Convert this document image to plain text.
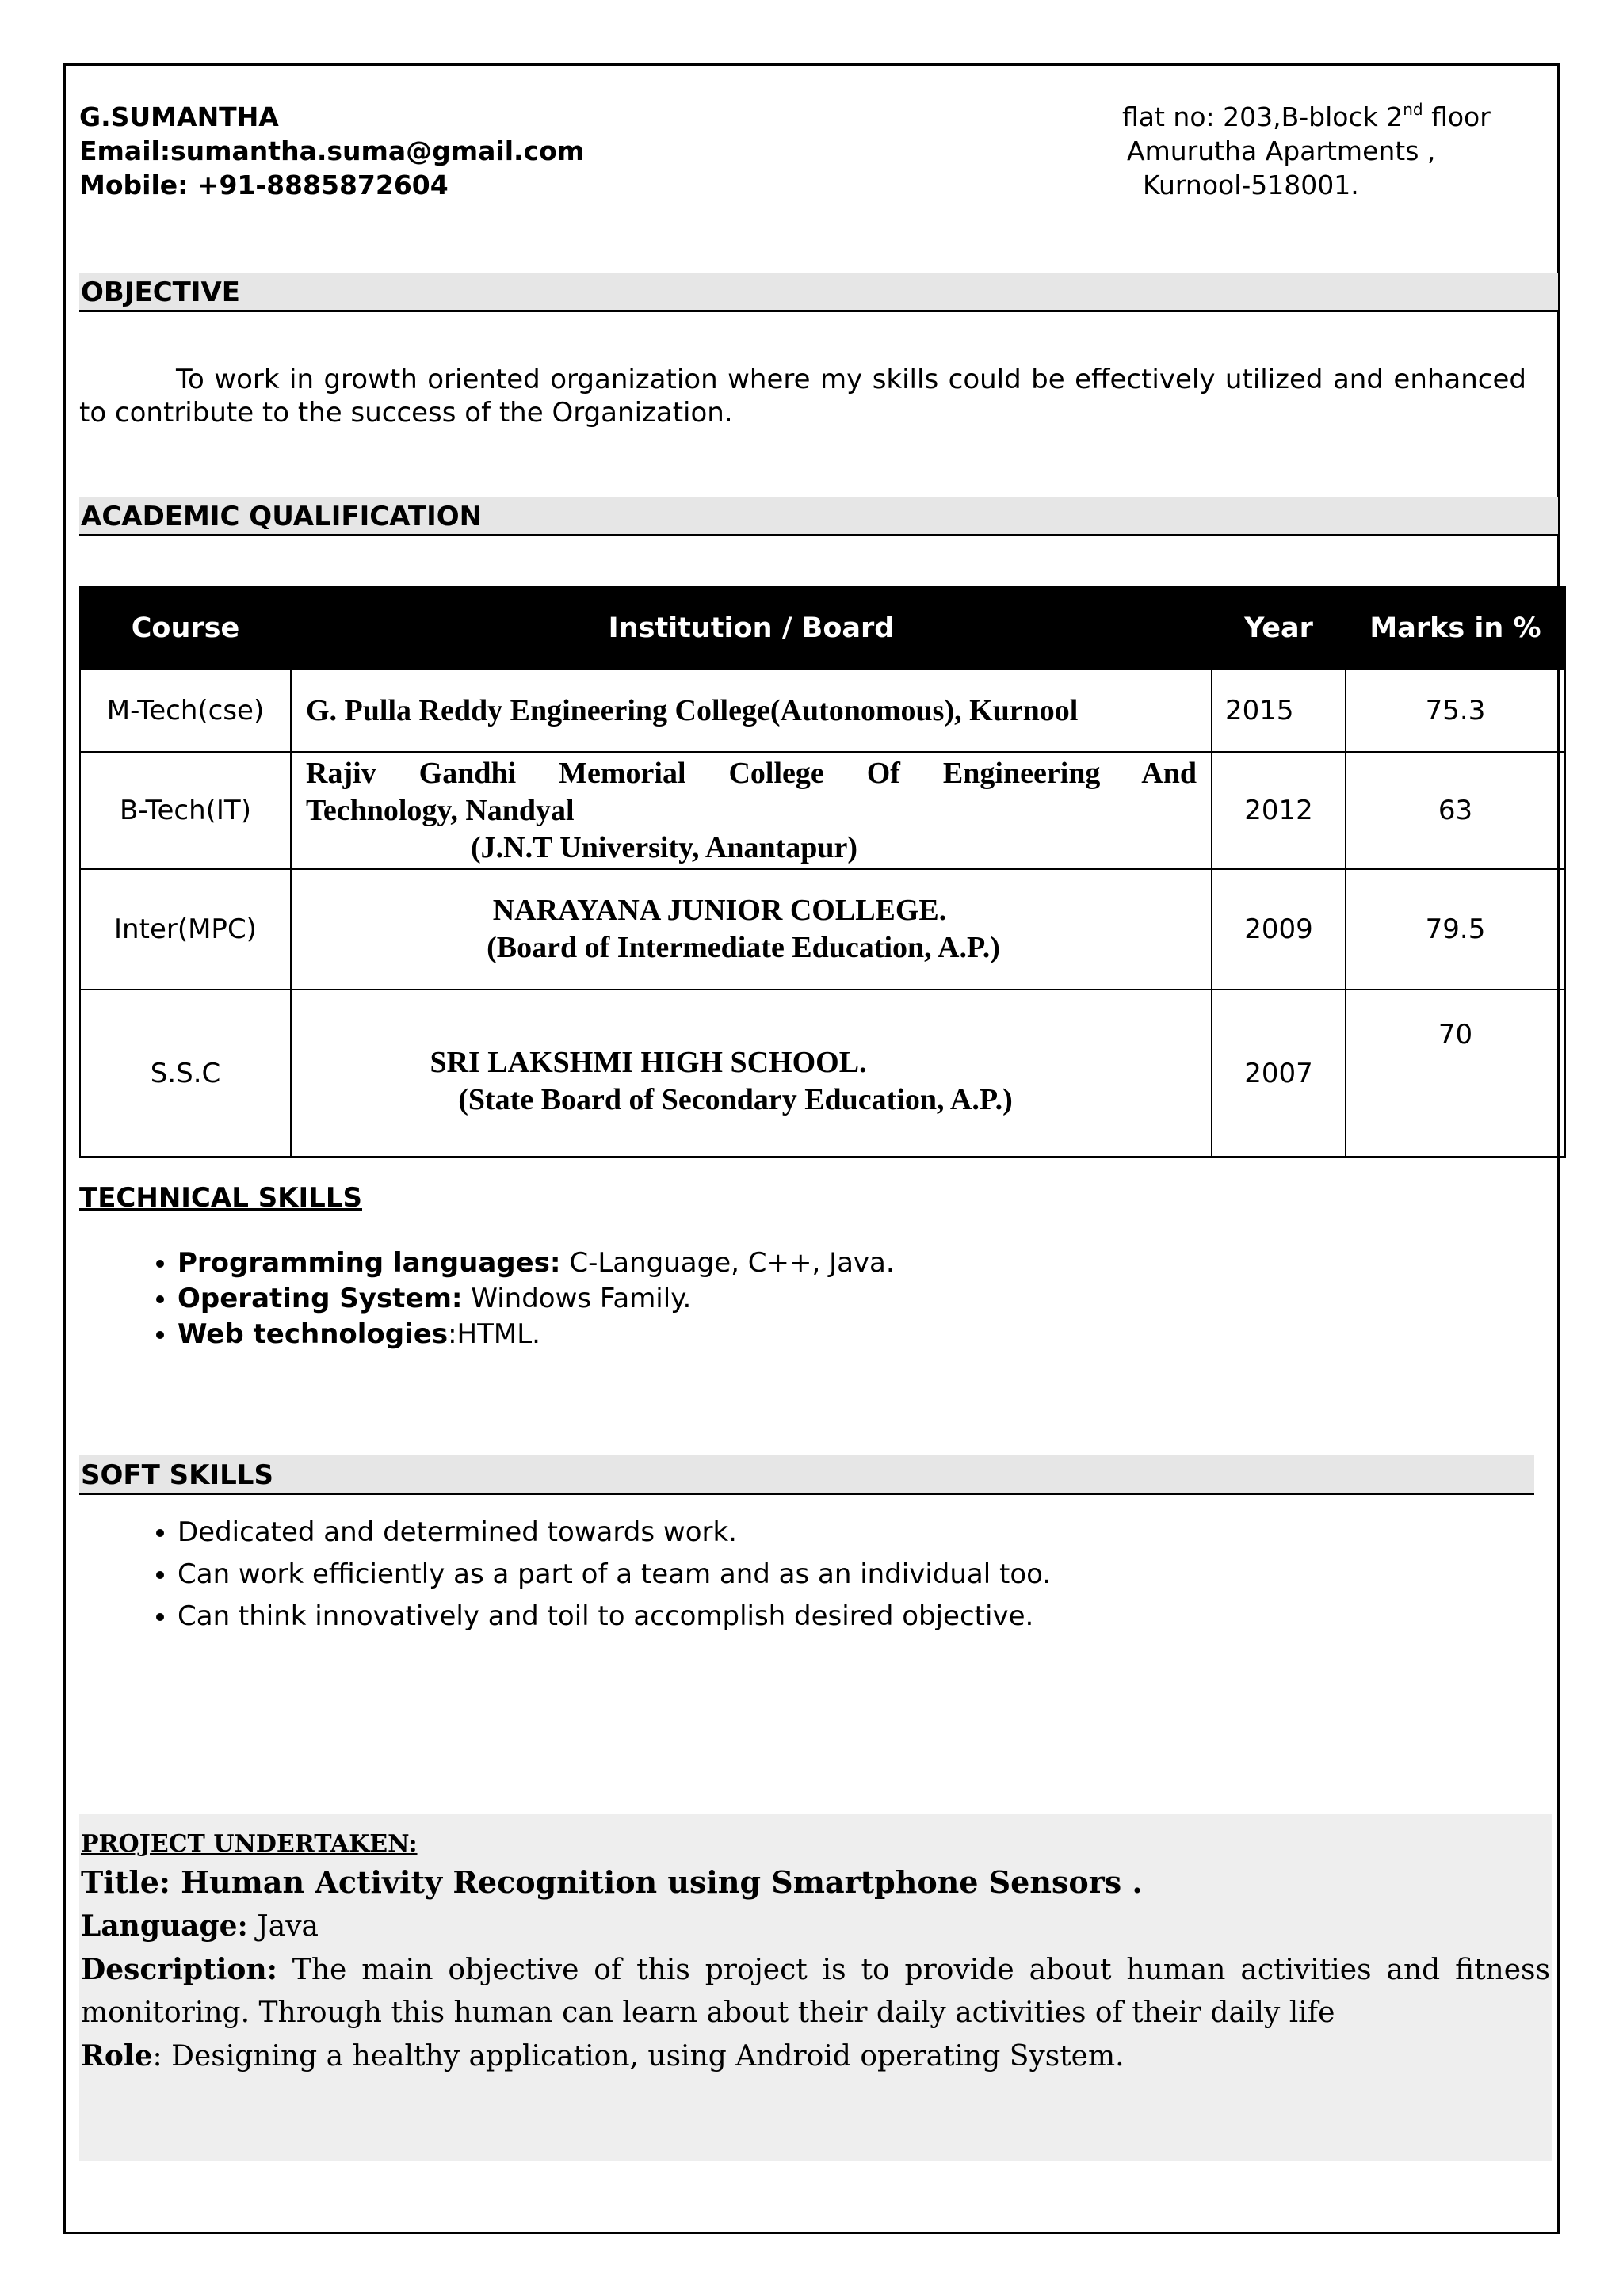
G.SUMANTHA
Email:sumantha.suma@gmail.com
Mobile: +91-8885872604
flat no: 203,B-block 2nd floor
Amurutha Apartments ,
Kurnool-518001.
OBJECTIVE
To work in growth oriented organization where my skills could be effectively utilized and enhanced to contribute to the success of the Organization.
ACADEMIC QUALIFICATION
Course	Institution / Board	Year	Marks in %
M-Tech(cse)	G. Pulla Reddy Engineering College(Autonomous), Kurnool	2015	75.3
B-Tech(IT)	Rajiv Gandhi Memorial College Of Engineering And
Technology, Nandyal
(J.N.T University, Anantapur)	2012	63
Inter(MPC)	NARAYANA JUNIOR COLLEGE.
(Board of Intermediate Education, A.P.)	2009	79.5
S.S.C	SRI LAKSHMI HIGH SCHOOL.
(State Board of Secondary Education, A.P.)	2007	70
TECHNICAL SKILLS
• Programming languages: C-Language, C++, Java.
• Operating System: Windows Family.
• Web technologies:HTML.
SOFT SKILLS
• Dedicated and determined towards work.
• Can work efficiently as a part of a team and as an individual too.
• Can think innovatively and toil to accomplish desired objective.
PROJECT UNDERTAKEN:
Title: Human Activity Recognition using Smartphone Sensors .
Language: Java
Description: The main objective of this project is to provide about human activities and fitness monitoring. Through this human can learn about their daily activities of their daily life
Role: Designing a healthy application, using Android operating System.
